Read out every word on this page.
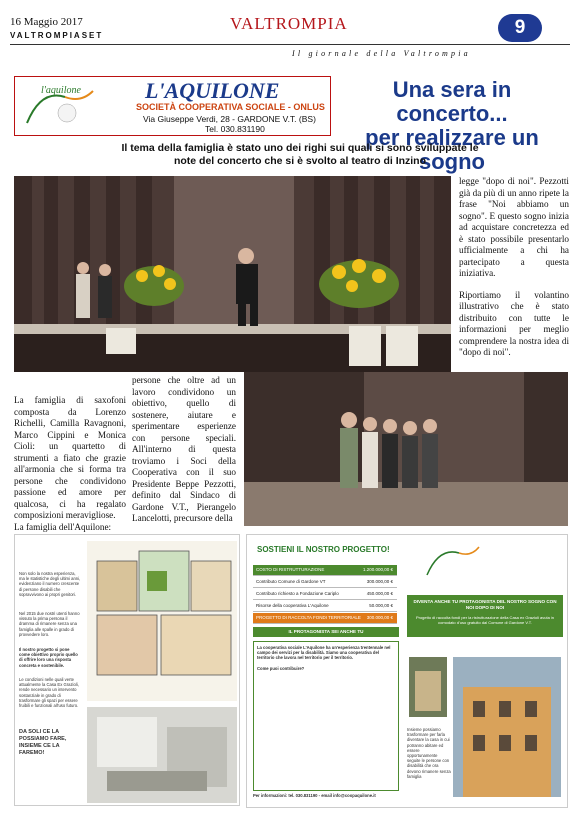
16 Maggio 2017
VALTROMPIASET
VALTROMPIA	9
Il giornale della Valtrompia
l'aquilone	L'AQUILONE
SOCIETÀ COOPERATIVA SOCIALE - ONLUS
Via Giuseppe Verdi, 28 - GARDONE V.T. (BS)
Tel. 030.831190
Una sera in concerto...
per realizzare un sogno
Il tema della famiglia è stato uno dei righi sui quali si sono sviluppate le note del concerto che si è svolto al teatro di Inzino

legge "dopo di noi". Pezzotti già da più di un anno ripete la frase "Noi abbiamo un sogno". E questo sogno inizia ad acquistare concretezza ed è stato possibile presentarlo ufficialmente a chi ha partecipato a questa iniziativa.

Riportiamo il volantino illustrativo che è stato distribuito con tutte le informazioni per meglio comprendere la nostra idea di "dopo di noi".

La famiglia di saxofoni composta da Lorenzo Richelli, Camilla Ravagnoni, Marco Cippini e Monica Cioli: un quartetto di strumenti a fiato che grazie all'armonia che si forma tra persone che condividono passione ed amore per qualcosa, ci ha regalato composizioni meravigliose.

La famiglia dell'Aquilone:

persone che oltre ad un lavoro condividono un obiettivo, quello di sostenere, aiutare e sperimentare esperienze con persone speciali. All'interno di questa troviamo i Soci della Cooperativa con il suo Presidente Beppe Pezzotti, definito dal Sindaco di Gardone V.T., Pierangelo Lancelotti, precursore della

Non solo la nostra esperienza, ma le statistiche degli ultimi anni, evidenziano il numero crescente di persone disabili che sopravvivono ai propri genitori.
Nel 2015 due nostri utenti hanno vissuto la prima persona il dramma di rimanere senza una famiglia alle spalle in grado di provvedere loro.
Il nostro progetto si pone come obiettivo proprio quello di offrire loro una risposta concreta e sostenibile.
Le condizioni nelle quali verte attualmente la Casa Ex Grazioli, rende necessario un intervento sostanziale in grado di trasformare gli spazi per essere fruibili e funzionali all'uso futuro.
DA SOLI CE LA POSSIAMO FARE, INSIEME CE LA FAREMO!
SOSTIENI IL NOSTRO PROGETTO!
COSTO DI RISTRUTTURAZIONE	1.200.000,00 €
Contributo Comune di Gardone VT	300.000,00 €
Contributo richiesto a Fondazione Cariplo	450.000,00 €
Risorse della cooperativa L'Aquilone	50.000,00 €
PROGETTO DI RACCOLTA FONDI TERRITORIALE 300.000,00 €
IL PROTAGONISTA SEI ANCHE TU
La cooperativa sociale L'Aquilone ha un'esperienza trentennale nel campo dei servizi per la disabilità. Siamo una cooperativa del territorio che lavora nel territorio per il territorio.
Come puoi contribuire?
Per informazioni: tel. 030.831190 - email info@coopaquilone.it
DIVENTA ANCHE TU PROTAGONISTA DEL NOSTRO SOGNO CON NOI DOPO DI NOI
Progetto di raccolta fondi per la ristrutturazione della Casa ex Grazioli avuta in comodato d'uso gratuito dal Comune di Gardone V.T.
Insieme possiamo trasformare per farla diventare la casa in cui potranno abitare ed essere opportunamente seguite le persone con disabilità che ora devono rimanere senza famiglia
